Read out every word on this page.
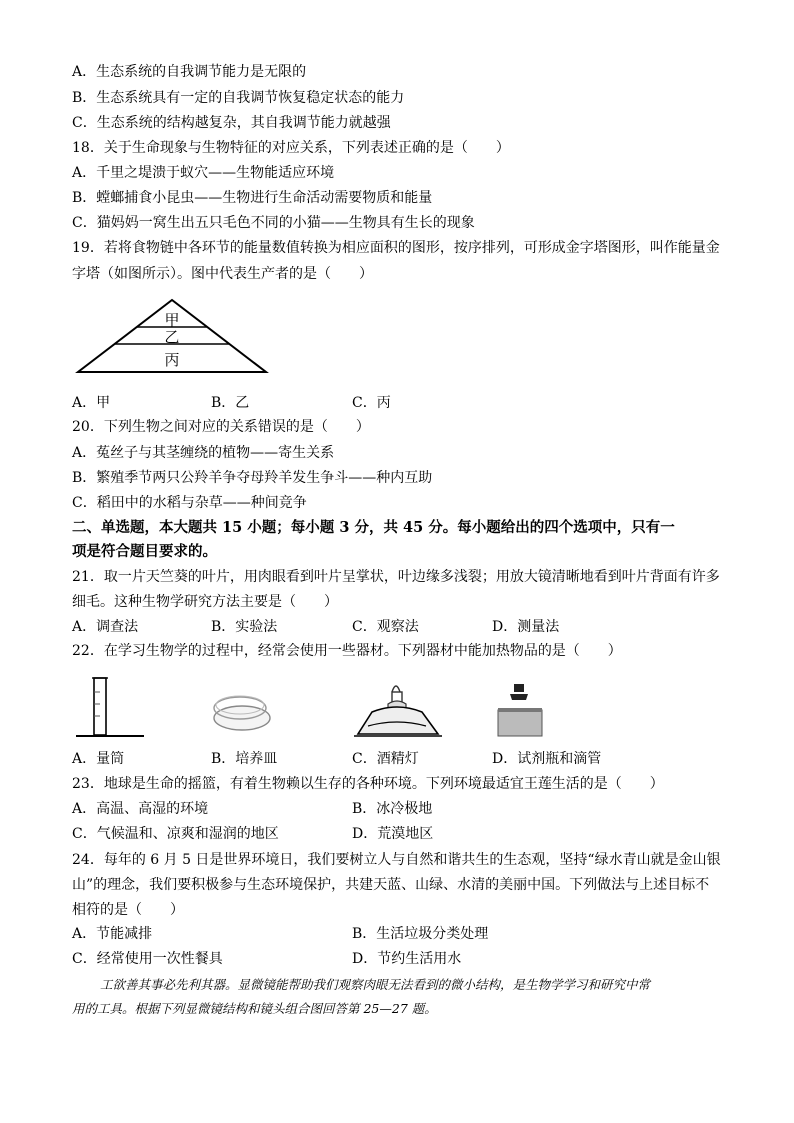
A．生态系统的自我调节能力是无限的
B．生态系统具有一定的自我调节恢复稳定状态的能力
C．生态系统的结构越复杂，其自我调节能力就越强
18．关于生命现象与生物特征的对应关系，下列表述正确的是（　　）
A．千里之堤溃于蚁穴——生物能适应环境
B．螳螂捕食小昆虫——生物进行生命活动需要物质和能量
C．猫妈妈一窝生出五只毛色不同的小猫——生物具有生长的现象
19．若将食物链中各环节的能量数值转换为相应面积的图形，按序排列，可形成金字塔图形，叫作能量金
字塔（如图所示）。图中代表生产者的是（　　）
甲
乙
丙
A．甲	B．乙	C．丙
20．下列生物之间对应的关系错误的是（　　）
A．菟丝子与其茎缠绕的植物——寄生关系
B．繁殖季节两只公羚羊争夺母羚羊发生争斗——种内互助
C．稻田中的水稻与杂草——种间竞争
二、单选题，本大题共 15 小题；每小题 3 分，共 45 分。每小题给出的四个选项中，只有一
项是符合题目要求的。
21．取一片天竺葵的叶片，用肉眼看到叶片呈掌状，叶边缘多浅裂；用放大镜清晰地看到叶片背面有许多
细毛。这种生物学研究方法主要是（　　）
A．调查法	B．实验法	C．观察法	D．测量法
22．在学习生物学的过程中，经常会使用一些器材。下列器材中能加热物品的是（　　）
A．量筒	B．培养皿	C．酒精灯	D．试剂瓶和滴管
23．地球是生命的摇篮，有着生物赖以生存的各种环境。下列环境最适宜王莲生活的是（　　）
A．高温、高湿的环境	B．冰冷极地
C．气候温和、凉爽和湿润的地区	D．荒漠地区
24．每年的 6 月 5 日是世界环境日，我们要树立人与自然和谐共生的生态观，坚持“绿水青山就是金山银
山”的理念，我们要积极参与生态环境保护，共建天蓝、山绿、水清的美丽中国。下列做法与上述目标不
相符的是（　　）
A．节能减排	B．生活垃圾分类处理
C．经常使用一次性餐具	D．节约生活用水
工欲善其事必先利其器。显微镜能帮助我们观察肉眼无法看到的微小结构，是生物学学习和研究中常
用的工具。根据下列显微镜结构和镜头组合图回答第 25—27 题。
